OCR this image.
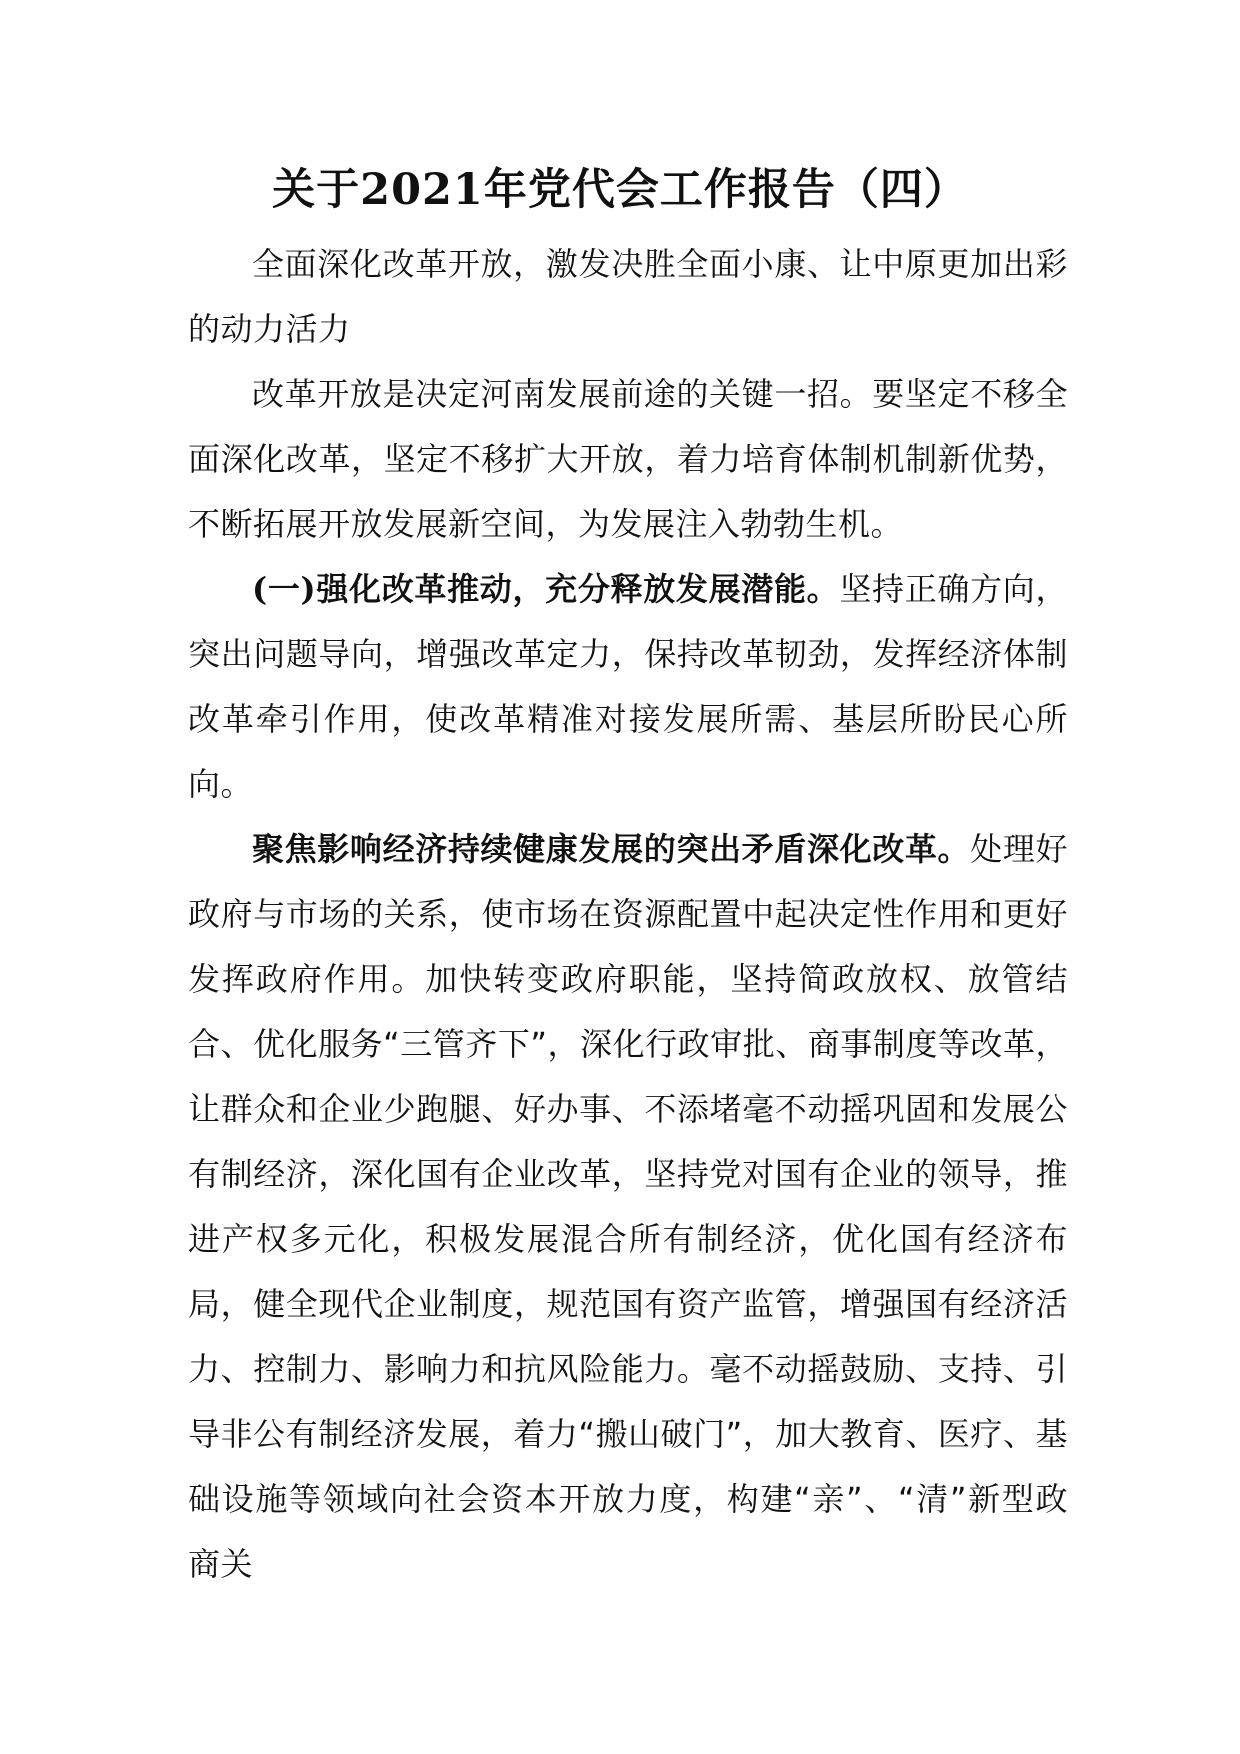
关于2021年党代会工作报告（四）

全面深化改革开放，激发决胜全面小康、让中原更加出彩的动力活力

改革开放是决定河南发展前途的关键一招。要坚定不移全面深化改革，坚定不移扩大开放，着力培育体制机制新优势，不断拓展开放发展新空间，为发展注入勃勃生机。

(一)强化改革推动，充分释放发展潜能。坚持正确方向，突出问题导向，增强改革定力，保持改革韧劲，发挥经济体制改革牵引作用，使改革精准对接发展所需、基层所盼民心所向。

聚焦影响经济持续健康发展的突出矛盾深化改革。处理好政府与市场的关系，使市场在资源配置中起决定性作用和更好发挥政府作用。加快转变政府职能，坚持简政放权、放管结合、优化服务“三管齐下”，深化行政审批、商事制度等改革，让群众和企业少跑腿、好办事、不添堵毫不动摇巩固和发展公有制经济，深化国有企业改革，坚持党对国有企业的领导，推进产权多元化，积极发展混合所有制经济，优化国有经济布局，健全现代企业制度，规范国有资产监管，增强国有经济活力、控制力、影响力和抗风险能力。毫不动摇鼓励、支持、引导非公有制经济发展，着力“搬山破门”，加大教育、医疗、基础设施等领域向社会资本开放力度，构建“亲”、“清”新型政商关
